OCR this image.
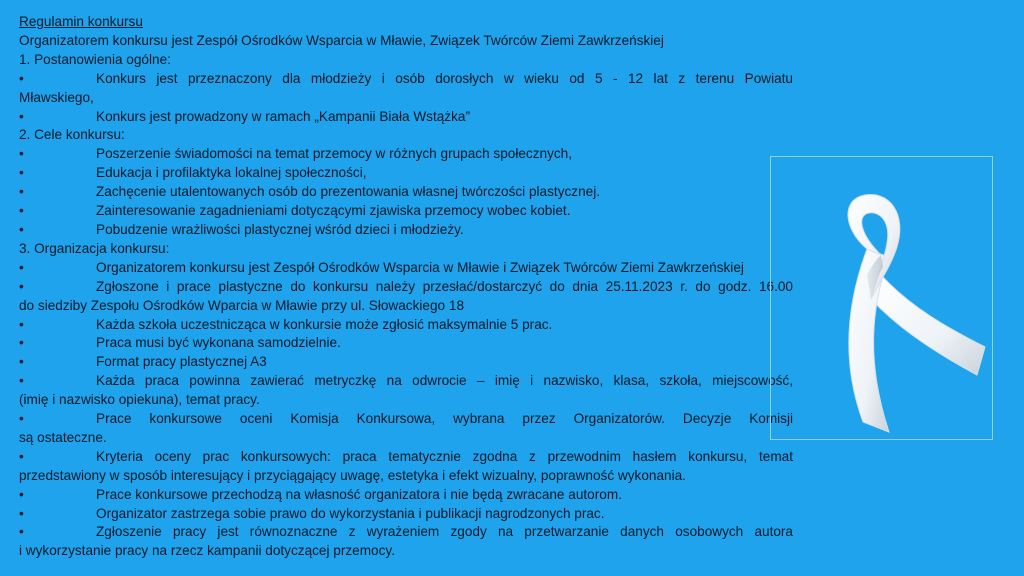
Regulamin konkursu
Organizatorem konkursu jest Zespół Ośrodków Wsparcia w Mławie, Związek Twórców Ziemi Zawkrzeńskiej
1. Postanowienia ogólne:
•	Konkurs jest przeznaczony dla młodzieży i osób dorosłych w wieku od 5 - 12 lat z terenu Powiatu
Mławskiego,
•	Konkurs jest prowadzony w ramach „Kampanii Biała Wstążka”
2. Cele konkursu:
•	Poszerzenie świadomości na temat przemocy w różnych grupach społecznych,
•	Edukacja i profilaktyka lokalnej społeczności,
•	Zachęcenie utalentowanych osób do prezentowania własnej twórczości plastycznej.
•	Zainteresowanie zagadnieniami dotyczącymi zjawiska przemocy wobec kobiet.
•	Pobudzenie wrażliwości plastycznej wśród dzieci i młodzieży.
3. Organizacja konkursu:
•	Organizatorem konkursu jest Zespół Ośrodków Wsparcia w Mławie i Związek Twórców Ziemi Zawkrzeńskiej
•	Zgłoszone i prace plastyczne do konkursu należy przesłać/dostarczyć do dnia 25.11.2023 r. do godz. 16.00
do siedziby Zespołu Ośrodków Wparcia w Mławie przy ul. Słowackiego 18
•	Każda szkoła uczestnicząca w konkursie może zgłosić maksymalnie 5 prac.
•	Praca musi być wykonana samodzielnie.
•	Format pracy plastycznej A3
•	Każda praca powinna zawierać metryczkę na odwrocie – imię i nazwisko, klasa, szkoła, miejscowość,
(imię i nazwisko opiekuna), temat pracy.
•	Prace konkursowe oceni Komisja Konkursowa, wybrana przez Organizatorów. Decyzje Komisji
są ostateczne.
•	Kryteria oceny prac konkursowych: praca tematycznie zgodna z przewodnim hasłem konkursu, temat
przedstawiony w sposób interesujący i przyciągający uwagę, estetyka i efekt wizualny, poprawność wykonania.
•	Prace konkursowe przechodzą na własność organizatora i nie będą zwracane autorom.
•	Organizator zastrzega sobie prawo do wykorzystania i publikacji nagrodzonych prac.
•	Zgłoszenie pracy jest równoznaczne z wyrażeniem zgody na przetwarzanie danych osobowych autora
i wykorzystanie pracy na rzecz kampanii dotyczącej przemocy.
